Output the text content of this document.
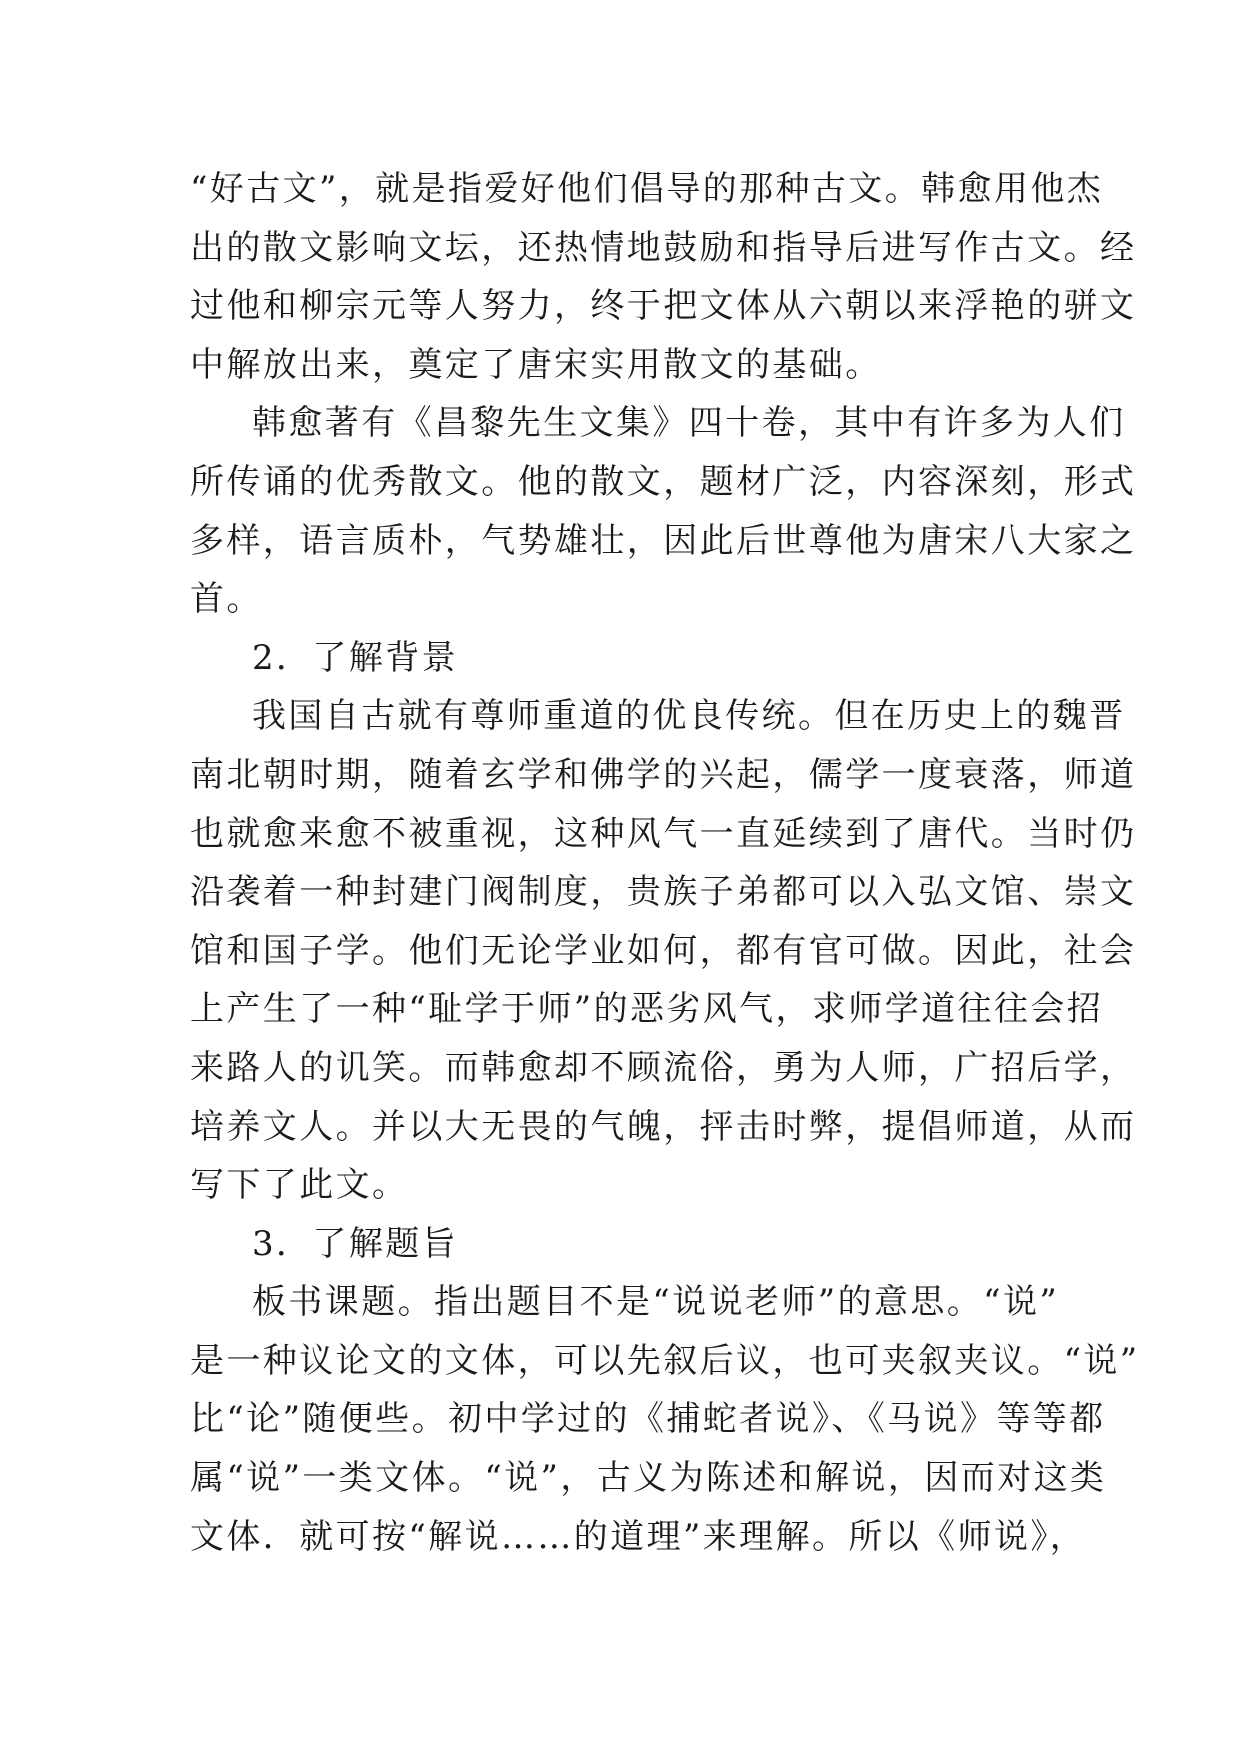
“好古文”，就是指爱好他们倡导的那种古文。韩愈用他杰
出的散文影响文坛，还热情地鼓励和指导后进写作古文。经
过他和柳宗元等人努力，终于把文体从六朝以来浮艳的骈文
中解放出来，奠定了唐宋实用散文的基础。
韩愈著有《昌黎先生文集》四十卷，其中有许多为人们
所传诵的优秀散文。他的散文，题材广泛，内容深刻，形式
多样，语言质朴，气势雄壮，因此后世尊他为唐宋八大家之
首。
2．了解背景
我国自古就有尊师重道的优良传统。但在历史上的魏晋
南北朝时期，随着玄学和佛学的兴起，儒学一度衰落，师道
也就愈来愈不被重视，这种风气一直延续到了唐代。当时仍
沿袭着一种封建门阀制度，贵族子弟都可以入弘文馆、崇文
馆和国子学。他们无论学业如何，都有官可做。因此，社会
上产生了一种“耻学于师”的恶劣风气，求师学道往往会招
来路人的讥笑。而韩愈却不顾流俗，勇为人师，广招后学，
培养文人。并以大无畏的气魄，抨击时弊，提倡师道，从而
写下了此文。
3．了解题旨
板书课题。指出题目不是“说说老师”的意思。“说”
是一种议论文的文体，可以先叙后议，也可夹叙夹议。“说”
比“论”随便些。初中学过的《捕蛇者说》、《马说》等等都
属“说”一类文体。“说”，古义为陈述和解说，因而对这类
文体．就可按“解说……的道理”来理解。所以《师说》，
